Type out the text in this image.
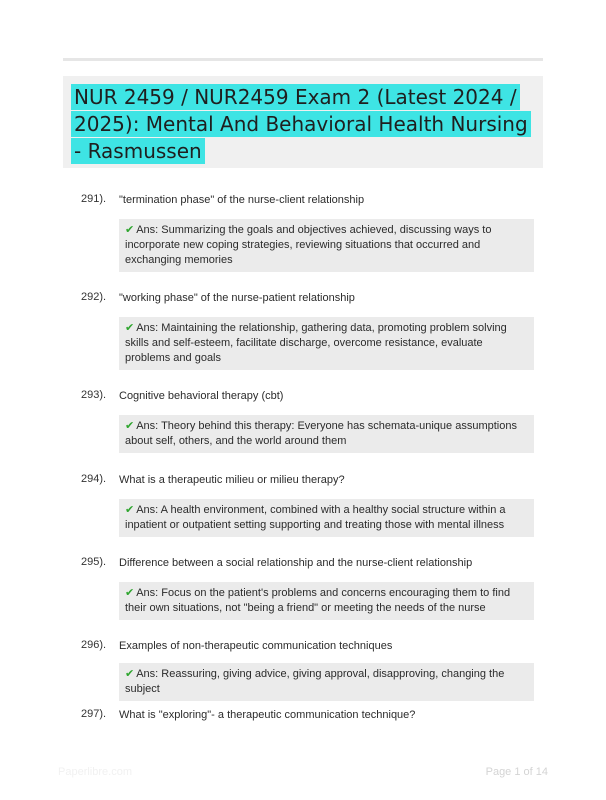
NUR 2459 / NUR2459 Exam 2 (Latest 2024 / 2025): Mental And Behavioral Health Nursing - Rasmussen
291). "termination phase" of the nurse-client relationship
✔ Ans: Summarizing the goals and objectives achieved, discussing ways to incorporate new coping strategies, reviewing situations that occurred and exchanging memories
292). "working phase" of the nurse-patient relationship
✔ Ans: Maintaining the relationship, gathering data, promoting problem solving skills and self-esteem, facilitate discharge, overcome resistance, evaluate problems and goals
293). Cognitive behavioral therapy (cbt)
✔ Ans: Theory behind this therapy: Everyone has schemata-unique assumptions about self, others, and the world around them
294). What is a therapeutic milieu or milieu therapy?
✔ Ans: A health environment, combined with a healthy social structure within a inpatient or outpatient setting supporting and treating those with mental illness
295). Difference between a social relationship and the nurse-client relationship
✔ Ans: Focus on the patient's problems and concerns encouraging them to find their own situations, not "being a friend" or meeting the needs of the nurse
296). Examples of non-therapeutic communication techniques
✔ Ans: Reassuring, giving advice, giving approval, disapproving, changing the subject
297). What is "exploring"- a therapeutic communication technique?
Paperlibre.com	Page 1 of 14
